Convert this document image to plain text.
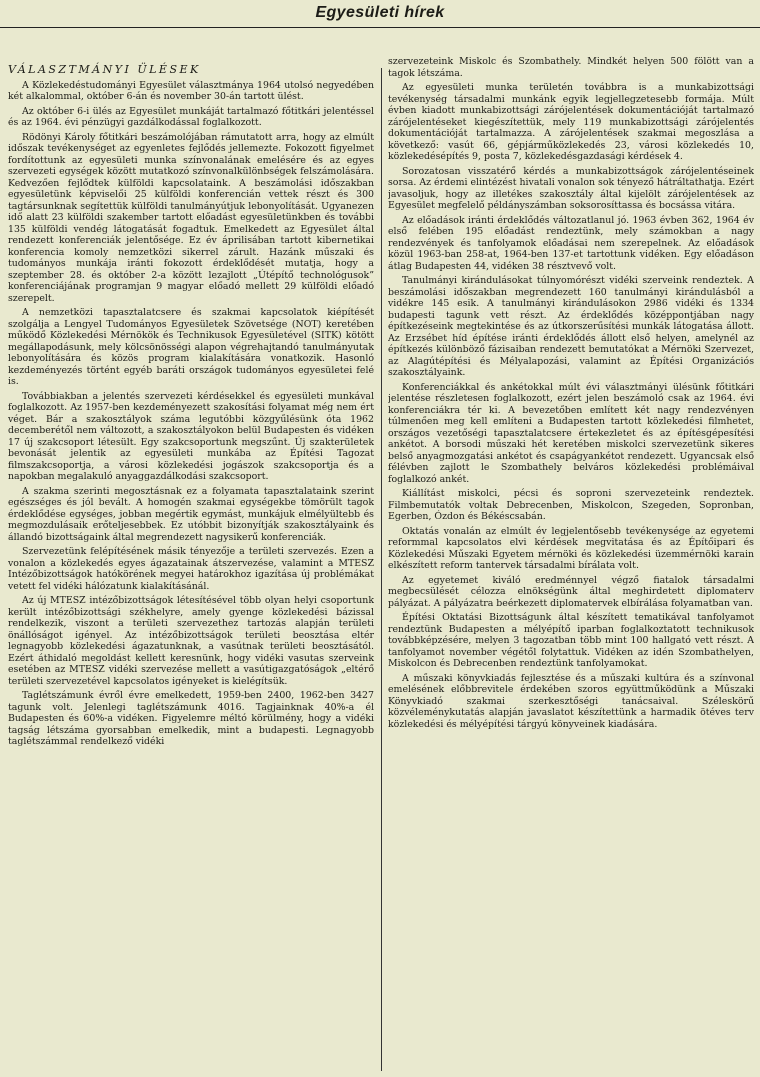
Egyesületi hírek
VÁLASZTMÁNYI ÜLÉSEK

A Közlekedéstudományi Egyesület választmánya 1964 utolsó negyedében két alkalommal, október 6-án és november 30-án tartott ülést.

Az október 6-i ülés az Egyesület munkáját tartalmazó főtitkári jelentéssel és az 1964. évi pénzügyi gazdálkodással foglalkozott.

Rödönyi Károly főtitkári beszámolójában rámutatott arra, hogy az elmúlt időszak tevékenységet az egyenletes fejlődés jellemezte. Fokozott figyelmet fordítottunk az egyesületi munka színvonalának emelésére és az egyes szervezeti egységek között mutatkozó színvonalkülönbségek felszámolására. Kedvezően fejlődtek külföldi kapcsolataink. A beszámolási időszakban egyesületünk képviselői 25 külföldi konferencián vettek részt és 300 tagtársunknak segítettük külföldi tanulmányútjuk lebonyolítását. Ugyanezen idő alatt 23 külföldi szakember tartott előadást egyesületünkben és további 135 külföldi vendég látogatását fogadtuk. Emelkedett az Egyesület által rendezett konferenciák jelentősége. Ez év áprilisában tartott kibernetikai konferencia komoly nemzetközi sikerrel zárult. Hazánk műszaki és tudományos munkája iránti fokozott érdeklődését mutatja, hogy a szeptember 28. és október 2-a között lezajlott „Útépítő technológusok” konferenciájának programjan 9 magyar előadó mellett 29 külföldi előadó szerepelt.

A nemzetközi tapasztalatcsere és szakmai kapcsolatok kiépítését szolgálja a Lengyel Tudományos Egyesületek Szövetsége (NOT) keretében működő Közlekedési Mérnökök és Technikusok Egyesületével (SITK) kötött megállapodásunk, mely kölcsönösségi alapon végrehajtandó tanulmányutak lebonyolítására és közös program kialakítására vonatkozik. Hasonló kezdeményezés történt egyéb baráti országok tudományos egyesületei felé is.

Továbbiakban a jelentés szervezeti kérdésekkel és egyesületi munkával foglalkozott. Az 1957-ben kezdeményezett szakosítási folyamat még nem ért véget. Bár a szakosztályok száma legutóbbi közgyűlésünk óta 1962 decemberétől nem változott, a szakosztályokon belül Budapesten és vidéken 17 új szakcsoport létesült. Egy szakcsoportunk megszűnt. Új szakterületek bevonását jelentik az egyesületi munkába az Építési Tagozat filmszakcsoportja, a városi közlekedési jogászok szakcsoportja és a napokban megalakuló anyaggazdálkodási szakcsoport.

A szakma szerinti megosztásnak ez a folyamata tapasztalataink szerint egészséges és jól bevált. A homogén szakmai egységekbe tömörült tagok érdeklődése egységes, jobban megértik egymást, munkájuk elmélyültebb és megmozdulásaik erőteljesebbek. Ez utóbbit bizonyítják szakosztályaink és állandó bizottságaink által megrendezett nagysikerű konferenciák.

Szervezetünk felépítésének másik tényezője a területi szervezés. Ezen a vonalon a közlekedés egyes ágazatainak átszervezése, valamint a MTESZ Intézőbizottságok hatókörének megyei határokhoz igazítása új problémákat vetett fel vidéki hálózatunk kialakításánál.

Az új MTESZ intézőbizottságok létesítésével több olyan helyi csoportunk került intézőbizottsági székhelyre, amely gyenge közlekedési bázissal rendelkezik, viszont a területi szervezethez tartozás alapján területi önállóságot igényel. Az intézőbizottságok területi beosztása eltér legnagyobb közlekedési ágazatunknak, a vasútnak területi beosztásától. Ezért áthidaló megoldást kellett keresnünk, hogy vidéki vasutas szerveink esetében az MTESZ vidéki szervezése mellett a vasútigazgatóságok „eltérő területi szervezetével kapcsolatos igényeket is kielégítsük.

Taglétszámunk évről évre emelkedett, 1959-ben 2400, 1962-ben 3427 tagunk volt. Jelenlegi taglétszámunk 4016. Tagjainknak 40%-a él Budapesten és 60%-a vidéken. Figyelemre méltó körülmény, hogy a vidéki tagság létszáma gyorsabban emelkedik, mint a budapesti. Legnagyobb taglétszámmal rendelkező vidéki

szervezeteink Miskolc és Szombathely. Mindkét helyen 500 fölött van a tagok létszáma.

Az egyesületi munka területén továbbra is a munkabizottsági tevékenység társadalmi munkánk egyik legjellegzetesebb formája. Múlt évben kiadott munkabizottsági zárójelentések dokumentációját tartalmazó zárójelentéseket kiegészítettük, mely 119 munkabizottsági zárójelentés dokumentációját tartalmazza. A zárójelentések szakmai megoszlása a következő: vasút 66, gépjárműközlekedés 23, városi közlekedés 10, közlekedésépítés 9, posta 7, közlekedésgazdasági kérdések 4.

Sorozatosan visszatérő kérdés a munkabizottságok zárójelentéseinek sorsa. Az érdemi elintézést hivatali vonalon sok tényező hátráltathatja. Ezért javasoljuk, hogy az illetékes szakosztály által kijelölt zárójelentések az Egyesület megfelelő példányszámban soksorosíttassa és bocsássa vitára.

Az előadások iránti érdeklődés változatlanul jó. 1963 évben 362, 1964 év első felében 195 előadást rendeztünk, mely számokban a nagy rendezvények és tanfolyamok előadásai nem szerepelnek. Az előadások közül 1963-ban 258-at, 1964-ben 137-et tartottunk vidéken. Egy előadáson átlag Budapesten 44, vidéken 38 résztvevő volt.

Tanulmányi kirándulásokat túlnyomórészt vidéki szerveink rendeztek. A beszámolási időszakban megrendezett 160 tanulmányi kirándulásból a vidékre 145 esik. A tanulmányi kirándulásokon 2986 vidéki és 1334 budapesti tagunk vett részt. Az érdeklődés középpontjában nagy építkezéseink megtekintése és az útkorszerűsítési munkák látogatása állott. Az Erzsébet híd építése iránti érdeklődés állott első helyen, amelynél az építkezés különböző fázisaiban rendezett bemutatókat a Mérnöki Szervezet, az Alagútépítési és Mélyalapozási, valamint az Építési Organizációs szakosztályaink.

Konferenciákkal és ankétokkal múlt évi választmányi ülésünk főtitkári jelentése részletesen foglalkozott, ezért jelen beszámoló csak az 1964. évi konferenciákra tér ki. A bevezetőben említett két nagy rendezvényen túlmenően meg kell említeni a Budapesten tartott közlekedési filmhetet, országos vezetőségi tapasztalatcsere értekezletet és az építésgépesítési ankétot. A borsodi műszaki hét keretében miskolci szervezetünk sikeres belső anyagmozgatási ankétot és csapágyankétot rendezett. Ugyancsak első félévben zajlott le Szombathely belváros közlekedési problémáival foglalkozó ankét.

Kiállítást miskolci, pécsi és soproni szervezeteink rendeztek. Filmbemutatók voltak Debrecenben, Miskolcon, Szegeden, Sopronban, Egerben, Ózdon és Békéscsabán.

Oktatás vonalán az elmúlt év legjelentősebb tevékenysége az egyetemi reformmal kapcsolatos elvi kérdések megvitatása és az Építőipari és Közlekedési Műszaki Egyetem mérnöki és közlekedési üzemmérnöki karain elkészített reform tantervek társadalmi bírálata volt.

Az egyetemet kiváló eredménnyel végző fiatalok társadalmi megbecsülését célozza elnökségünk által meghirdetett diplomaterv pályázat. A pályázatra beérkezett diplomatervek elbírálása folyamatban van.

Építési Oktatási Bizottságunk által készített tematikával tanfolyamot rendeztünk Budapesten a mélyépítő iparban foglalkoztatott technikusok továbbképzésére, melyen 3 tagozatban több mint 100 hallgató vett részt. A tanfolyamot november végétől folytattuk. Vidéken az idén Szombathelyen, Miskolcon és Debrecenben rendeztünk tanfolyamokat.

A műszaki könyvkiadás fejlesztése és a műszaki kultúra és a színvonal emelésének előbbrevitele érdekében szoros együttműködünk a Műszaki Könyvkiadó szakmai szerkesztőségi tanácsaival. Széleskörű közvéleménykutatás alapján javaslatot készítettünk a harmadik ötéves terv közlekedési és mélyépítési tárgyú könyveinek kiadására.
